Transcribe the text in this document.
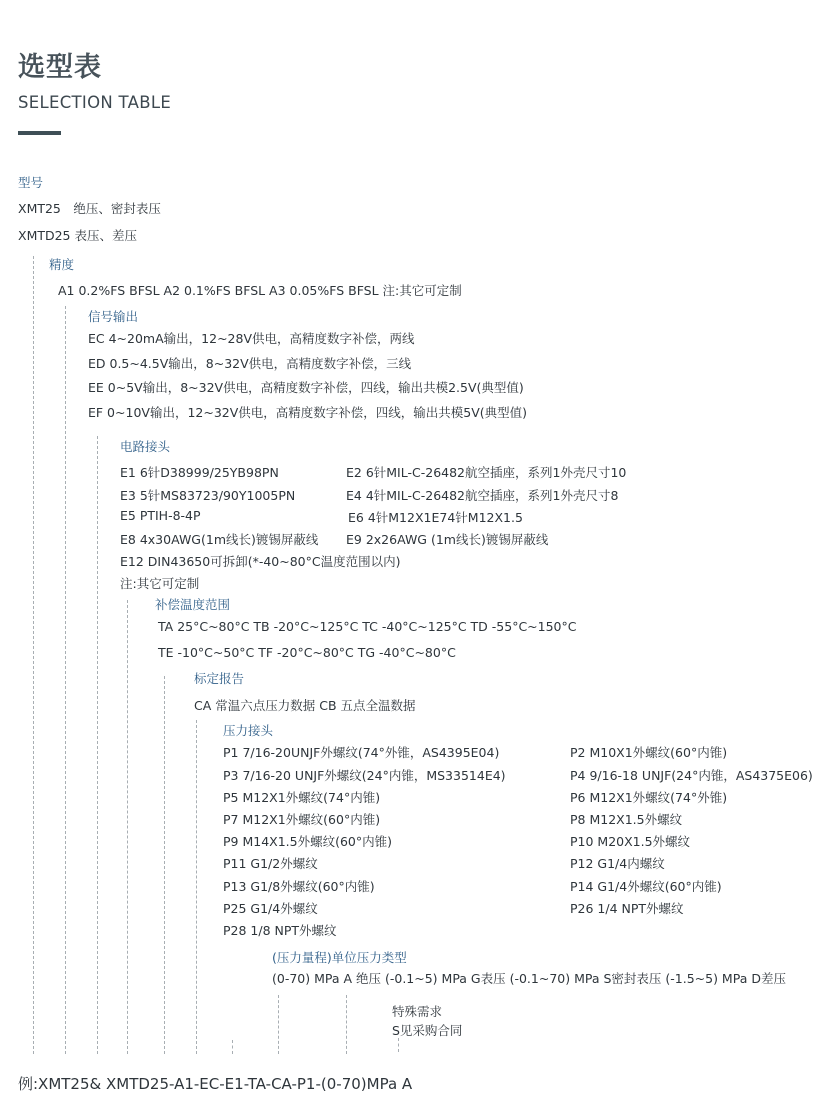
选型表
SELECTION TABLE
型号
XMT25　绝压、密封表压
XMTD25 表压、差压
精度
A1 0.2%FS BFSL A2 0.1%FS BFSL A3 0.05%FS BFSL 注:其它可定制
信号输出
EC 4~20mA输出，12~28V供电，高精度数字补偿，两线
ED 0.5~4.5V输出，8~32V供电，高精度数字补偿，三线
EE 0~5V输出，8~32V供电，高精度数字补偿，四线，输出共模2.5V(典型值)
EF 0~10V输出，12~32V供电，高精度数字补偿，四线，输出共模5V(典型值)
电路接头
E1 6针D38999/25YB98PN	E2 6针MIL-C-26482航空插座，系列1外壳尺寸10
E3 5针MS83723/90Y1005PN	E4 4针MIL-C-26482航空插座，系列1外壳尺寸8
E5 PTIH-8-4P	E6 4针M12X1E74针M12X1.5
E8 4x30AWG(1m线长)镀锡屏蔽线 E9 2x26AWG (1m线长)镀锡屏蔽线
E12 DIN43650可拆卸(*-40~80°C温度范围以内)
注:其它可定制
补偿温度范围
TA 25°C~80°C TB -20°C~125°C TC -40°C~125°C TD -55°C~150°C
TE -10°C~50°C TF -20°C~80°C TG -40°C~80°C
标定报告
CA 常温六点压力数据 CB 五点全温数据
压力接头
P1 7/16-20UNJF外螺纹(74°外锥，AS4395E04)	P2 M10X1外螺纹(60°内锥)
P3 7/16-20 UNJF外螺纹(24°内锥，MS33514E4)	P4 9/16-18 UNJF(24°内锥，AS4375E06)
P5 M12X1外螺纹(74°内锥)	P6 M12X1外螺纹(74°外锥)
P7 M12X1外螺纹(60°内锥)	P8 M12X1.5外螺纹
P9 M14X1.5外螺纹(60°内锥)	P10 M20X1.5外螺纹
P11 G1/2外螺纹	P12 G1/4内螺纹
P13 G1/8外螺纹(60°内锥)	P14 G1/4外螺纹(60°内锥)
P25 G1/4外螺纹	P26 1/4 NPT外螺纹
P28 1/8 NPT外螺纹
(压力量程)单位压力类型
(0-70) MPa A 绝压 (-0.1~5) MPa G表压 (-0.1~70) MPa S密封表压 (-1.5~5) MPa D差压
特殊需求
S见采购合同
例:XMT25& XMTD25-A1-EC-E1-TA-CA-P1-(0-70)MPa A
